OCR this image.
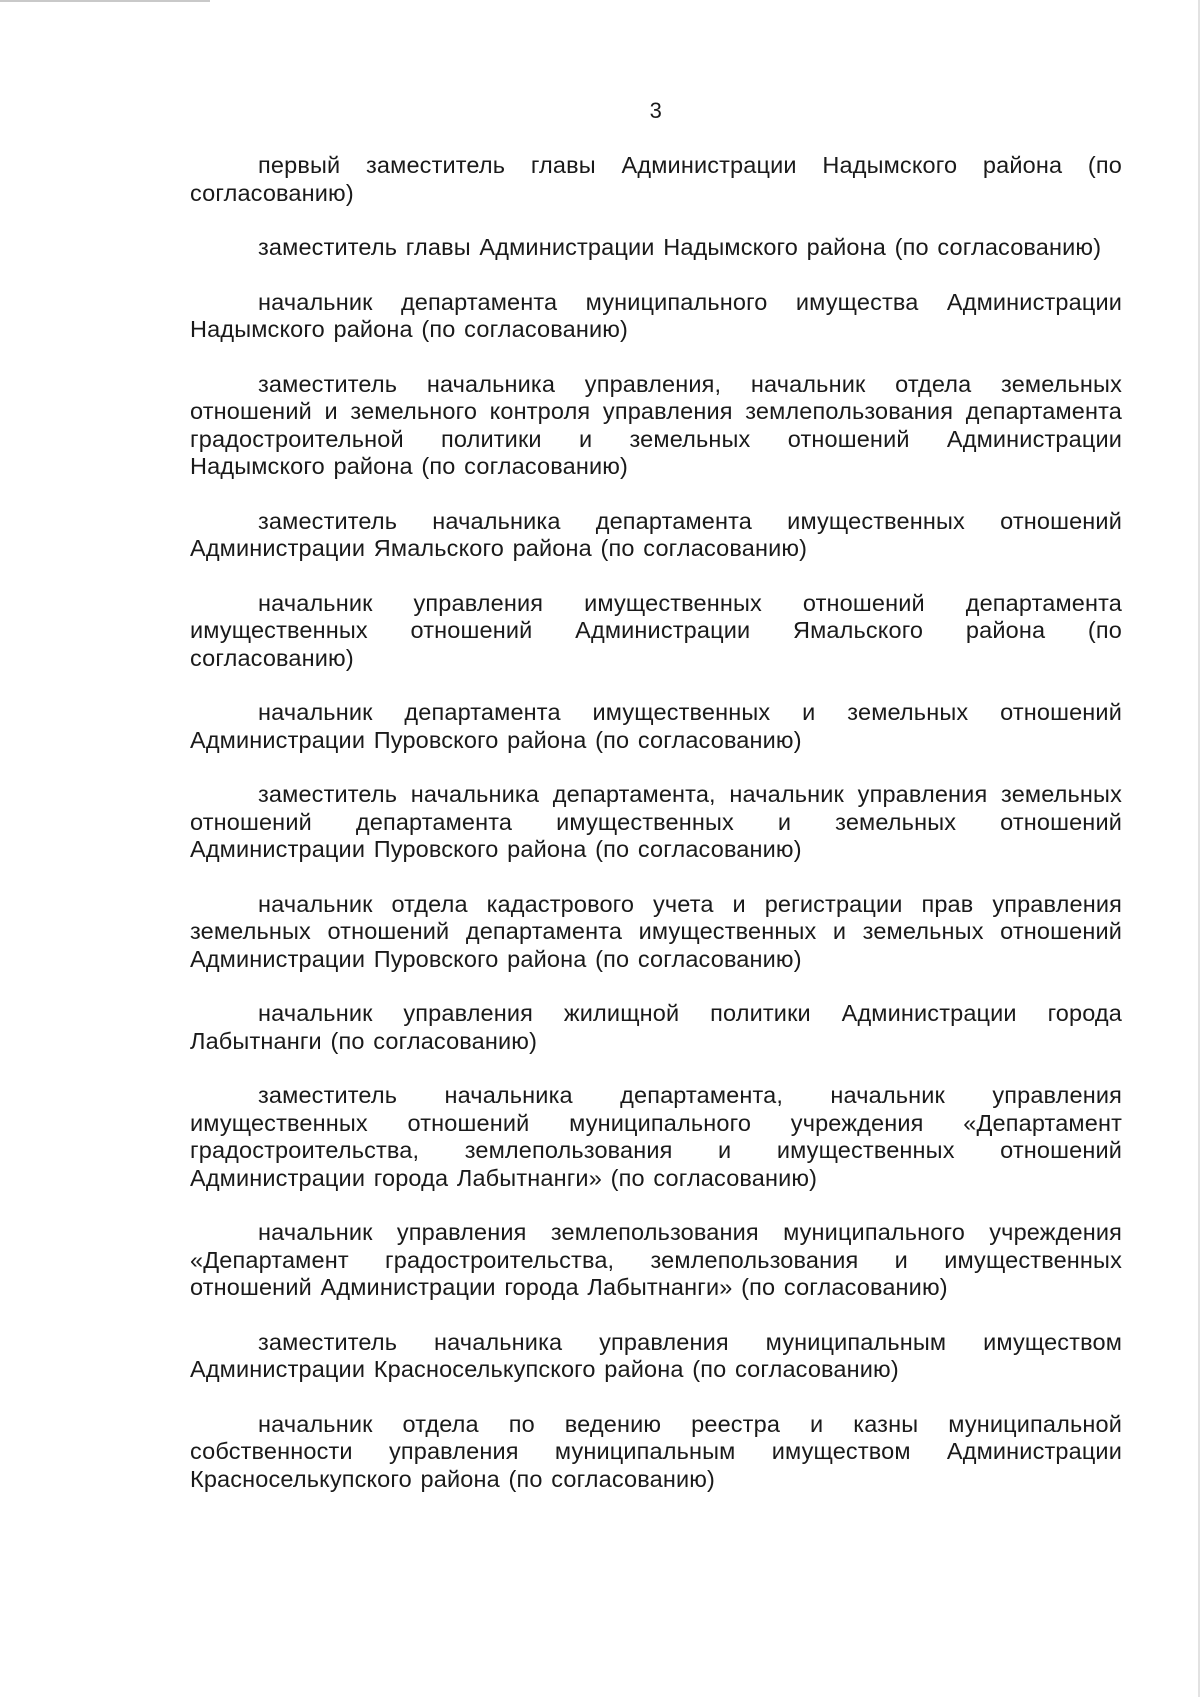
3

первый заместитель главы Администрации Надымского района (по согласованию)

заместитель главы Администрации Надымского района (по согласованию)

начальник департамента муниципального имущества Администрации Надымского района (по согласованию)

заместитель начальника управления, начальник отдела земельных отношений и земельного контроля управления землепользования департамента градостроительной политики и земельных отношений Администрации Надымского района (по согласованию)

заместитель начальника департамента имущественных отношений Администрации Ямальского района (по согласованию)

начальник управления имущественных отношений департамента имущественных отношений Администрации Ямальского района (по согласованию)

начальник департамента имущественных и земельных отношений Администрации Пуровского района (по согласованию)

заместитель начальника департамента, начальник управления земельных отношений департамента имущественных и земельных отношений Администрации Пуровского района (по согласованию)

начальник отдела кадастрового учета и регистрации прав управления земельных отношений департамента имущественных и земельных отношений Администрации Пуровского района (по согласованию)

начальник управления жилищной политики Администрации города Лабытнанги (по согласованию)

заместитель начальника департамента, начальник управления имущественных отношений муниципального учреждения «Департамент градостроительства, землепользования и имущественных отношений Администрации города Лабытнанги» (по согласованию)

начальник управления землепользования муниципального учреждения «Департамент градостроительства, землепользования и имущественных отношений Администрации города Лабытнанги» (по согласованию)

заместитель начальника управления муниципальным имуществом Администрации Красноселькупского района (по согласованию)

начальник отдела по ведению реестра и казны муниципальной собственности управления муниципальным имуществом Администрации Красноселькупского района (по согласованию)
